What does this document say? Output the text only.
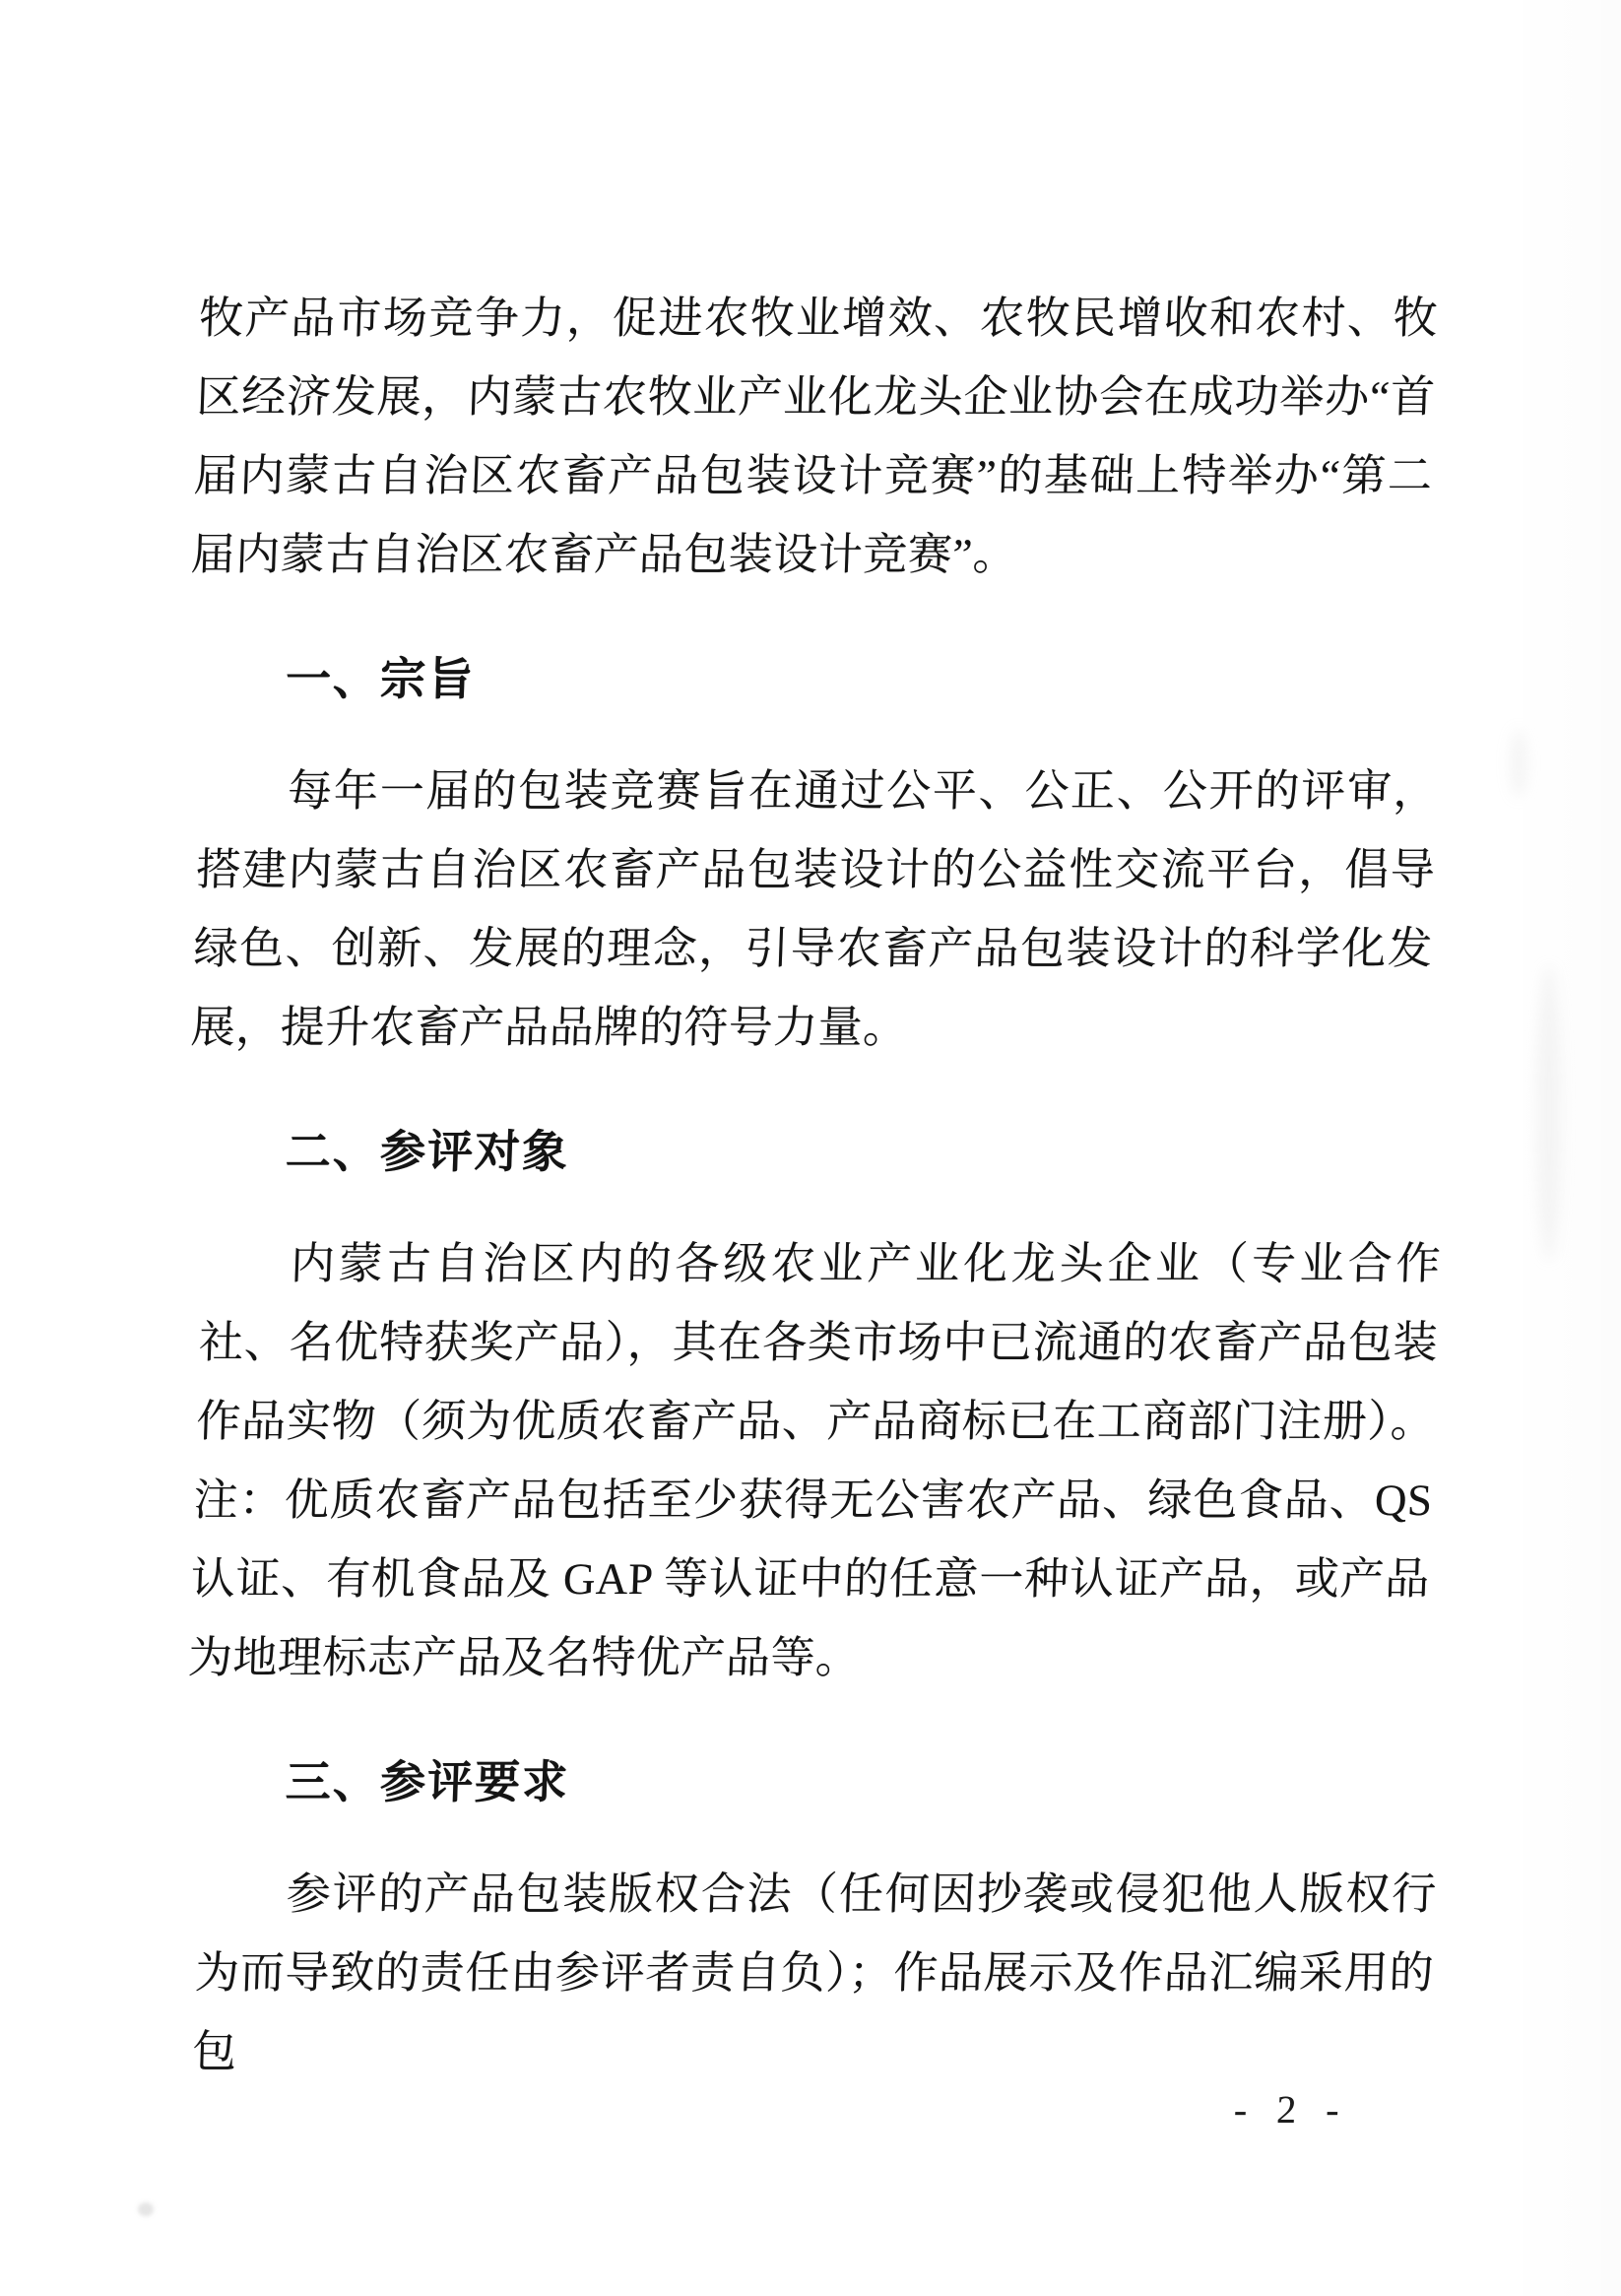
牧产品市场竞争力，促进农牧业增效、农牧民增收和农村、牧区经济发展，内蒙古农牧业产业化龙头企业协会在成功举办“首届内蒙古自治区农畜产品包装设计竞赛”的基础上特举办“第二届内蒙古自治区农畜产品包装设计竞赛”。

一、宗旨

每年一届的包装竞赛旨在通过公平、公正、公开的评审，搭建内蒙古自治区农畜产品包装设计的公益性交流平台，倡导绿色、创新、发展的理念，引导农畜产品包装设计的科学化发展，提升农畜产品品牌的符号力量。

二、参评对象

内蒙古自治区内的各级农业产业化龙头企业（专业合作社、名优特获奖产品），其在各类市场中已流通的农畜产品包装作品实物（须为优质农畜产品、产品商标已在工商部门注册）。注：优质农畜产品包括至少获得无公害农产品、绿色食品、QS 认证、有机食品及 GAP 等认证中的任意一种认证产品，或产品为地理标志产品及名特优产品等。

三、参评要求

参评的产品包装版权合法（任何因抄袭或侵犯他人版权行为而导致的责任由参评者责自负）；作品展示及作品汇编采用的包

- 2 -
